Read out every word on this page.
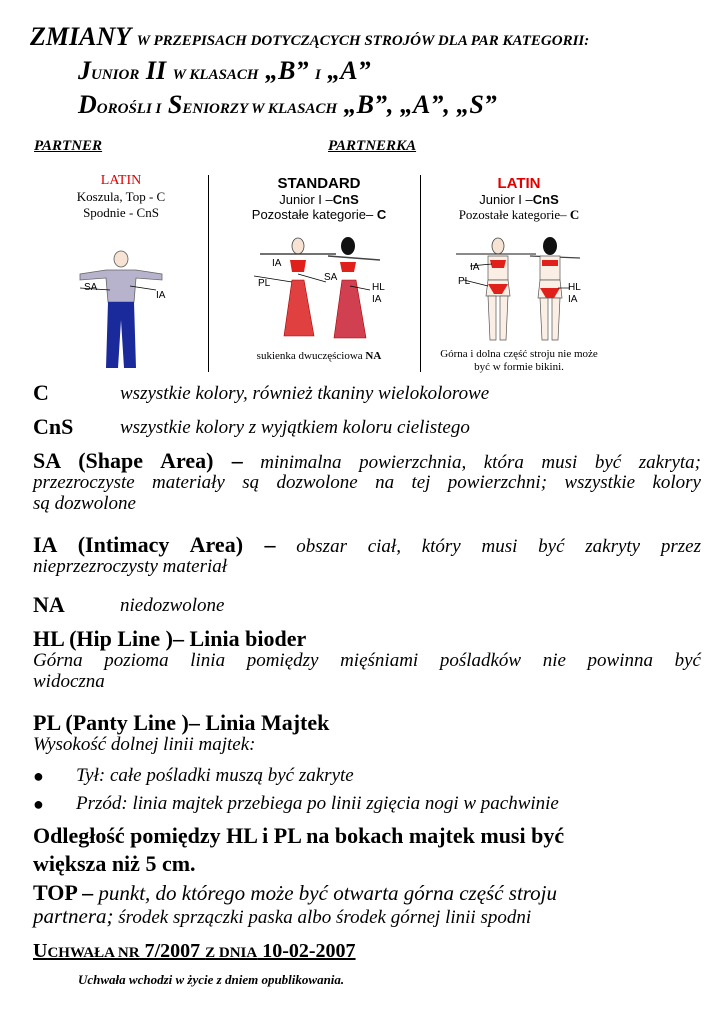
ZMIANY W PRZEPISACH DOTYCZĄCYCH STROJÓW DLA PAR KATEGORII:
JUNIOR II W KLASACH „B” I „A”
DOROŚLI I SENIORZY W KLASACH „B”, „A”, „S”
PARTNER	PARTNERKA
LATIN
Koszula, Top - C
Spodnie - CnS
SA
IA
STANDARD
Junior I –CnS
Pozostałe kategorie– C
IA
PL
SA
HL
IA
sukienka dwuczęściowa NA
LATIN
Junior I –CnS
Pozostałe kategorie– C
IA
PL
HL
IA
Górna i dolna część stroju nie może
być w formie bikini.
C	wszystkie kolory, również tkaniny wielokolorowe
CnS wszystkie kolory z wyjątkiem koloru cielistego
SA (Shape Area) – minimalna powierzchnia, która musi być zakryta;
przezroczyste materiały są dozwolone na tej powierzchni; wszystkie kolory
są dozwolone
IA (Intimacy Area) – obszar ciał, który musi być zakryty przez
nieprzezroczysty materiał
NA	niedozwolone
HL (Hip Line )– Linia bioder
Górna pozioma linia pomiędzy mięśniami pośladków nie powinna być
widoczna
PL (Panty Line )– Linia Majtek
Wysokość dolnej linii majtek:
● Tył: całe pośladki muszą być zakryte
● Przód: linia majtek przebiega po linii zgięcia nogi w pachwinie
Odległość pomiędzy HL i PL na bokach majtek musi być
większa niż 5 cm.
TOP – punkt, do którego może być otwarta górna część stroju
partnera; środek sprzączki paska albo środek górnej linii spodni
UCHWAŁA NR 7/2007 Z DNIA 10-02-2007
Uchwała wchodzi w życie z dniem opublikowania.
